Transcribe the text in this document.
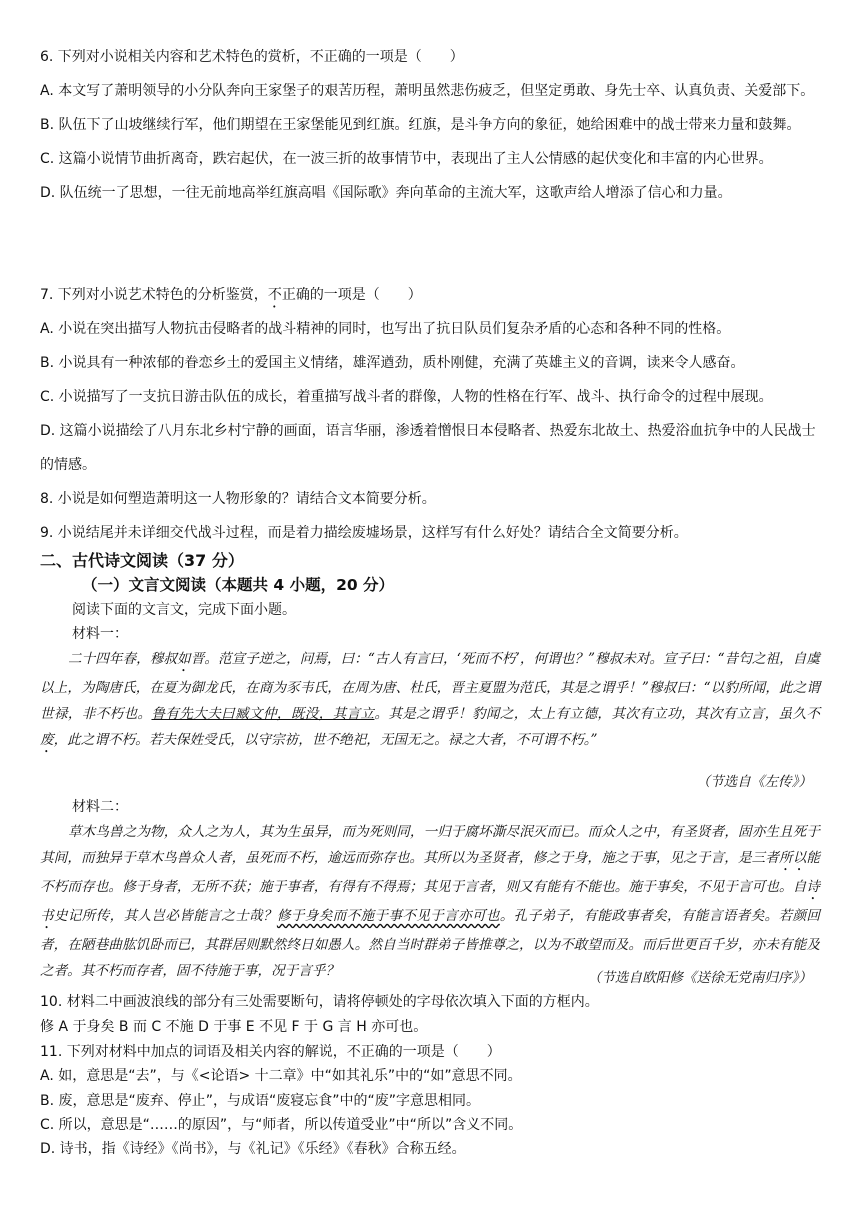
6. 下列对小说相关内容和艺术特色的赏析，不正确的一项是（　　）
A. 本文写了萧明领导的小分队奔向王家堡子的艰苦历程，萧明虽然悲伤疲乏，但坚定勇敢、身先士卒、认真负责、关爱部下。
B. 队伍下了山坡继续行军，他们期望在王家堡能见到红旗。红旗，是斗争方向的象征，她给困难中的战士带来力量和鼓舞。
C. 这篇小说情节曲折离奇，跌宕起伏，在一波三折的故事情节中，表现出了主人公情感的起伏变化和丰富的内心世界。
D. 队伍统一了思想，一往无前地高举红旗高唱《国际歌》奔向革命的主流大军，这歌声给人增添了信心和力量。
7. 下列对小说艺术特色的分析鉴赏，不正确的一项是（　　）
A. 小说在突出描写人物抗击侵略者的战斗精神的同时，也写出了抗日队员们复杂矛盾的心态和各种不同的性格。
B. 小说具有一种浓郁的眷恋乡土的爱国主义情绪，雄浑遒劲，质朴刚健，充满了英雄主义的音调，读来令人感奋。
C. 小说描写了一支抗日游击队伍的成长，着重描写战斗者的群像，人物的性格在行军、战斗、执行命令的过程中展现。
D. 这篇小说描绘了八月东北乡村宁静的画面，语言华丽，渗透着憎恨日本侵略者、热爱东北故土、热爱浴血抗争中的人民战士的情感。
8. 小说是如何塑造萧明这一人物形象的？请结合文本简要分析。
9. 小说结尾并未详细交代战斗过程，而是着力描绘废墟场景，这样写有什么好处？请结合全文简要分析。
二、古代诗文阅读（37 分）
（一）文言文阅读（本题共 4 小题，20 分）
阅读下面的文言文，完成下面小题。
材料一：

二十四年春，穆叔如晋。范宣子逆之，问焉，曰：“古人有言曰，‘死而不朽’，何谓也？”穆叔未对。宣子曰：“昔匄之祖，自虞以上，为陶唐氏，在夏为御龙氏，在商为豕韦氏，在周为唐、杜氏，晋主夏盟为范氏，其是之谓乎！”穆叔曰：“以豹所闻，此之谓世禄，非不朽也。鲁有先大夫曰臧文仲，既没，其言立。其是之谓乎！豹闻之，太上有立德，其次有立功，其次有立言，虽久不废，此之谓不朽。若夫保姓受氏，以守宗祊，世不绝祀，无国无之。禄之大者，不可谓不朽。”

（节选自《左传》）
材料二：

草木鸟兽之为物，众人之为人，其为生虽异，而为死则同，一归于腐坏澌尽泯灭而已。而众人之中，有圣贤者，固亦生且死于其间，而独异于草木鸟兽众人者，虽死而不朽，逾远而弥存也。其所以为圣贤者，修之于身，施之于事，见之于言，是三者所以能不朽而存也。修于身者，无所不获；施于事者，有得有不得焉；其见于言者，则又有能有不能也。施于事矣，不见于言可也。自诗书史记所传，其人岂必皆能言之士哉？修于身矣而不施于事不见于言亦可也。孔子弟子，有能政事者矣，有能言语者矣。若颜回者，在陋巷曲肱饥卧而已，其群居则默然终日如愚人。然自当时群弟子皆推尊之，以为不敢望而及。而后世更百千岁，亦未有能及之者。其不朽而存者，固不待施于事，况于言乎？	（节选自欧阳修《送徐无党南归序》）
10. 材料二中画波浪线的部分有三处需要断句，请将停顿处的字母依次填入下面的方框内。
修 A 于身矣 B 而 C 不施 D 于事 E 不见 F 于 G 言 H 亦可也。
11. 下列对材料中加点的词语及相关内容的解说，不正确的一项是（　　）
A. 如，意思是“去”，与《<论语> 十二章》中“如其礼乐”中的“如”意思不同。
B. 废，意思是“废弃、停止”，与成语“废寝忘食”中的“废”字意思相同。
C. 所以，意思是“……的原因”，与“师者，所以传道受业”中“所以”含义不同。
D. 诗书，指《诗经》《尚书》，与《礼记》《乐经》《春秋》合称五经。
